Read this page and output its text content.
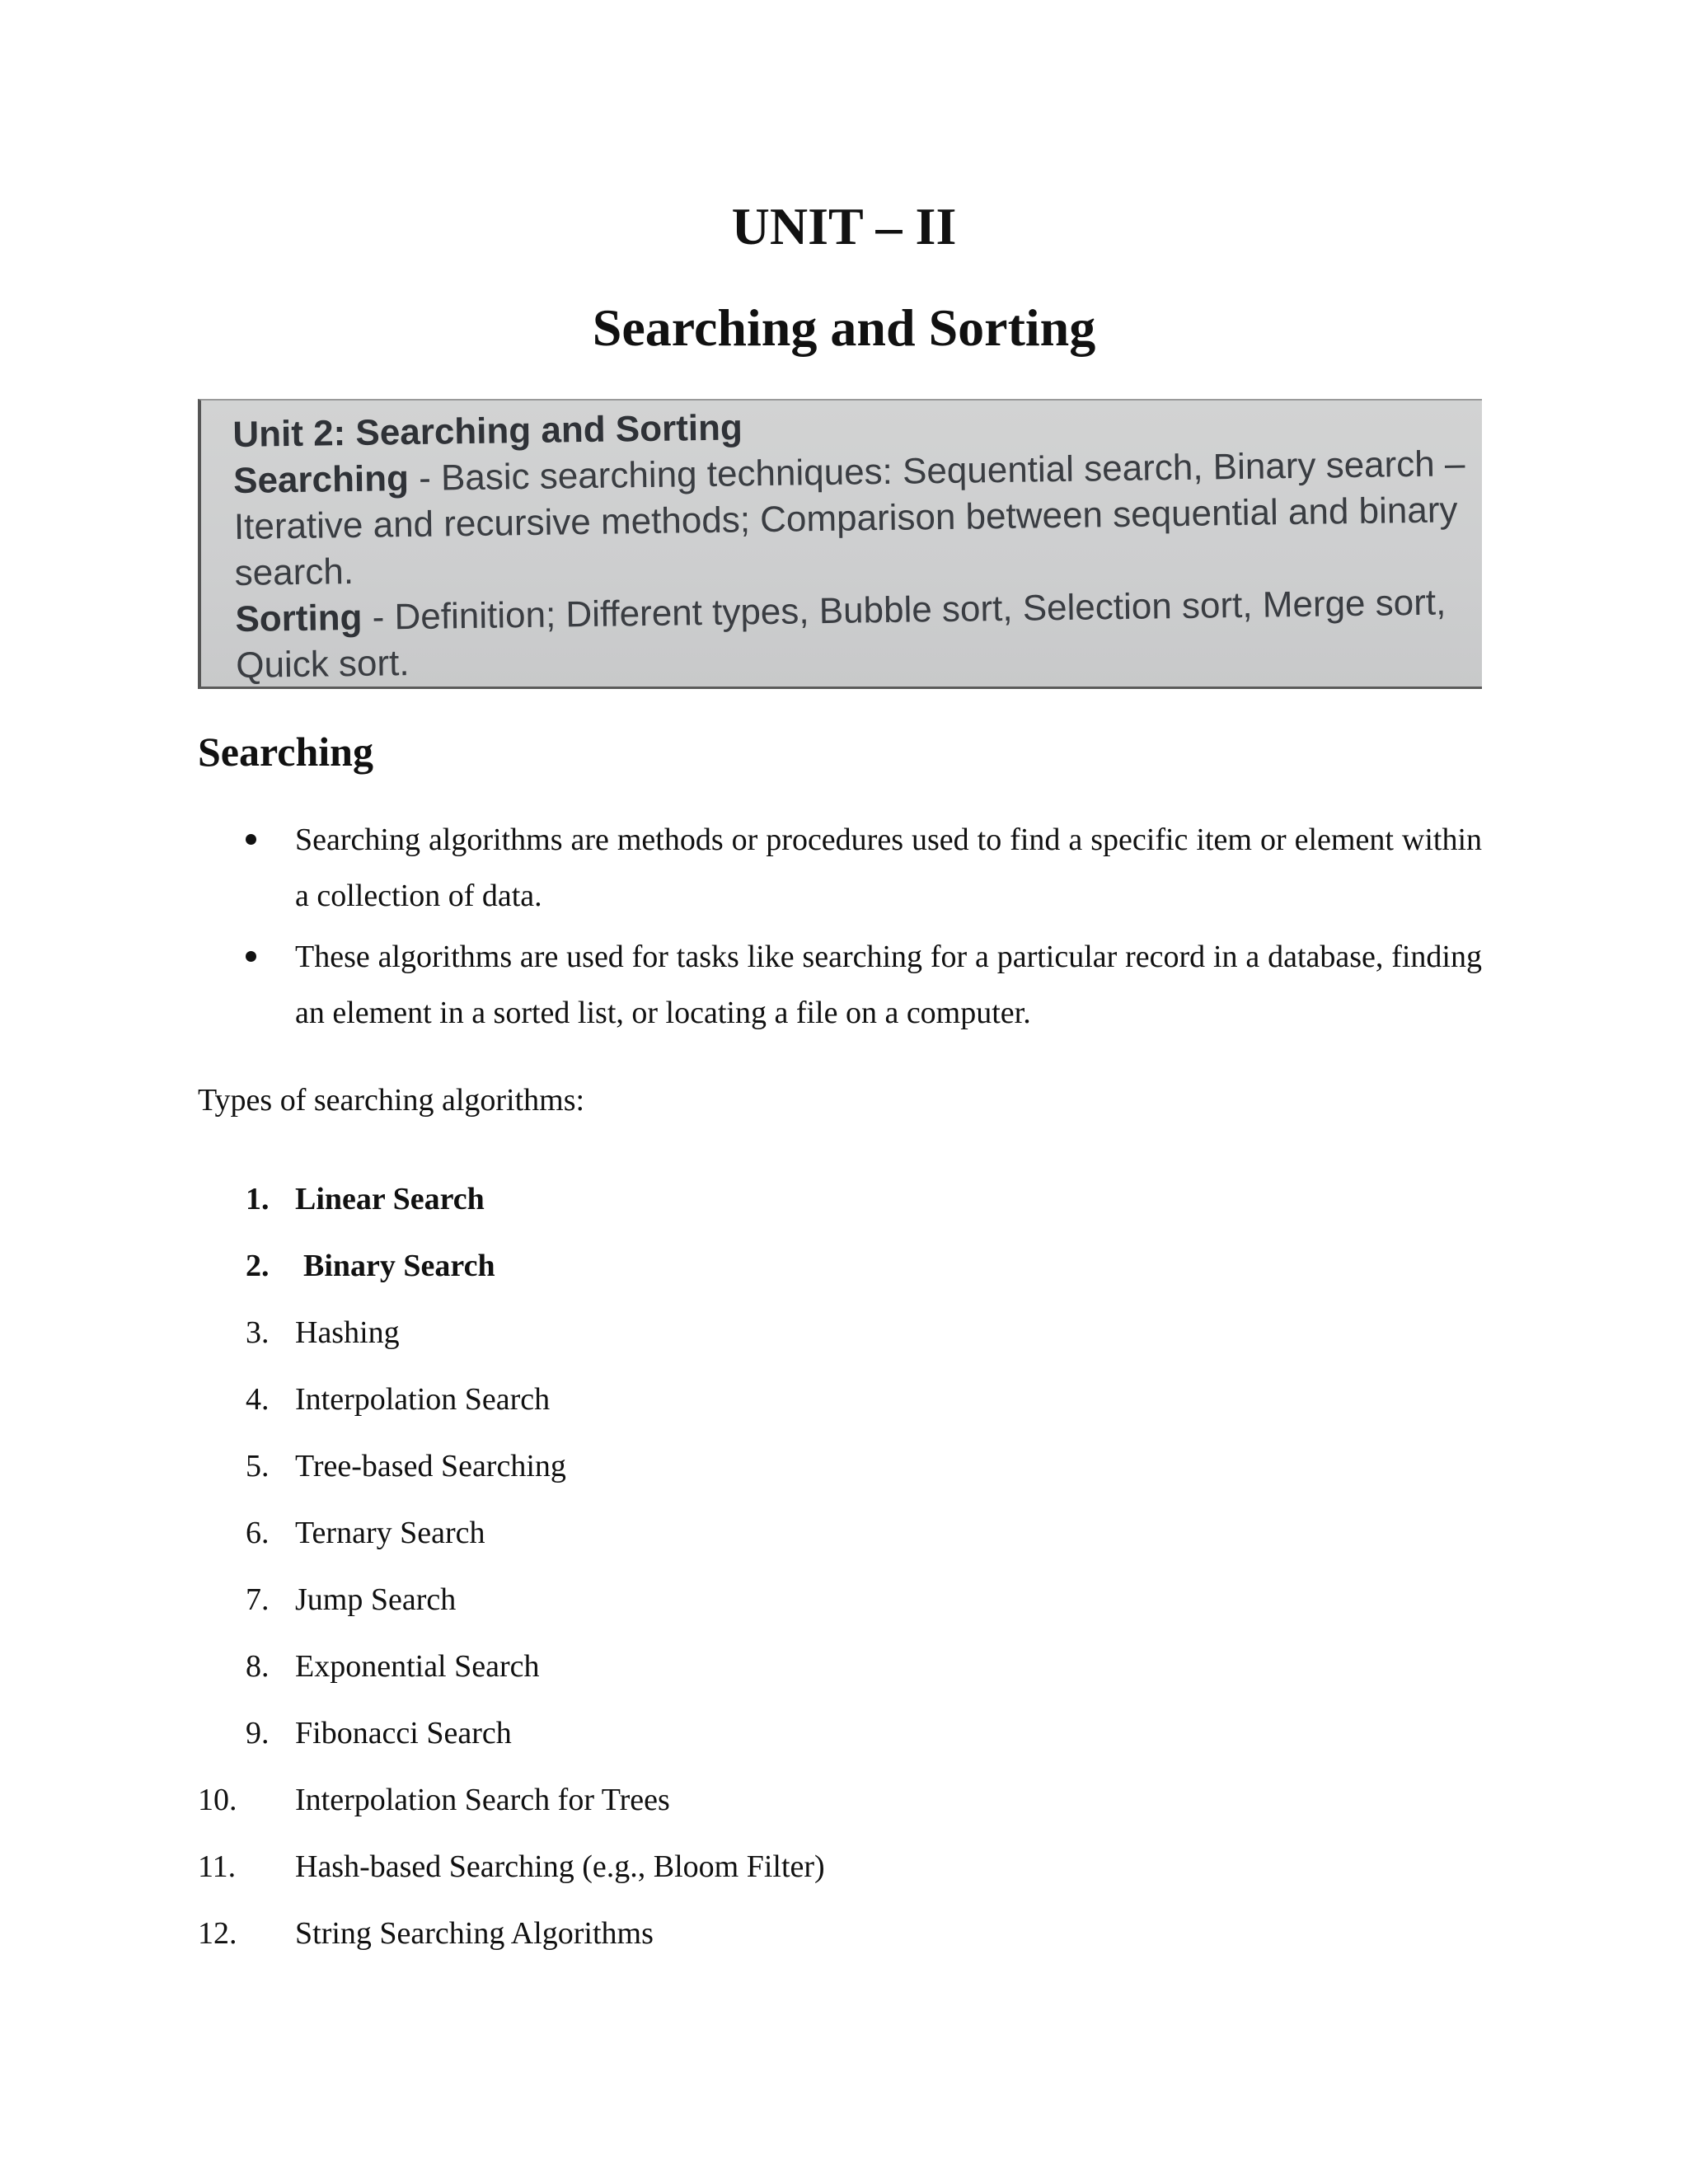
UNIT – II
Searching and Sorting

Unit 2: Searching and Sorting

Searching - Basic searching techniques: Sequential search, Binary search – Iterative and recursive methods; Comparison between sequential and binary search.

Sorting - Definition; Different types, Bubble sort, Selection sort, Merge sort, Quick sort.

Searching
Searching algorithms are methods or procedures used to find a specific item or element within a collection of data.
These algorithms are used for tasks like searching for a particular record in a database, finding an element in a sorted list, or locating a file on a computer.

Types of searching algorithms:

1. Linear Search
2. Binary Search
3. Hashing
4. Interpolation Search
5. Tree-based Searching
6. Ternary Search
7. Jump Search
8. Exponential Search
9. Fibonacci Search
10. Interpolation Search for Trees
11. Hash-based Searching (e.g., Bloom Filter)
12. String Searching Algorithms
